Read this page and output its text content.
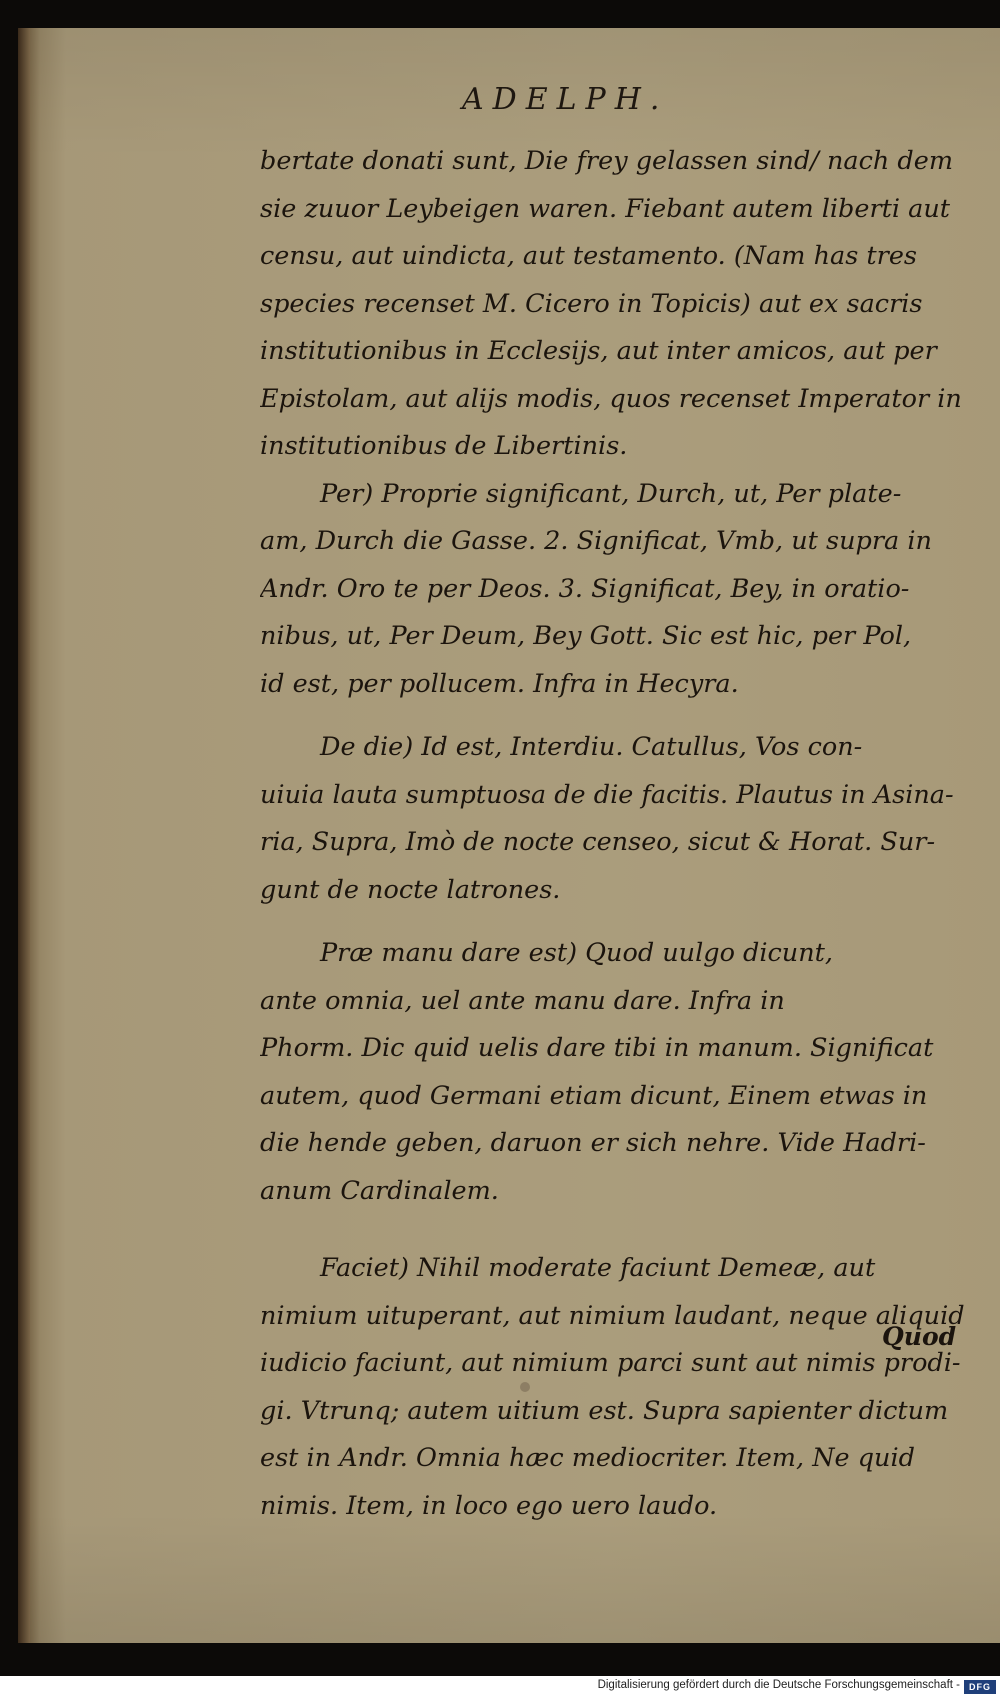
ADELPH.
bertate donati sunt, Die frey gelassen sind/ nach dem
sie zuuor Leybeigen waren. Fiebant autem liberti aut
censu, aut uindicta, aut testamento. (Nam has tres
species recenset M. Cicero in Topicis) aut ex sacris
institutionibus in Ecclesijs, aut inter amicos, aut per
Epistolam, aut alijs modis, quos recenset Imperator in
institutionibus de Libertinis.
Per) Proprie significant, Durch, ut, Per plate-
am, Durch die Gasse. 2. Significat, Vmb, ut supra in
Andr. Oro te per Deos. 3. Significat, Bey, in oratio-
nibus, ut, Per Deum, Bey Gott. Sic est hic, per Pol,
id est, per pollucem. Infra in Hecyra.
De die) Id est, Interdiu. Catullus, Vos con-
uiuia lauta sumptuosa de die facitis. Plautus in Asina-
ria, Supra, Imò de nocte censeo, sicut & Horat. Sur-
gunt de nocte latrones.
Præ manu dare est) Quod uulgo dicunt,
ante omnia, uel ante manu dare. Infra in
Phorm. Dic quid uelis dare tibi in manum. Significat
autem, quod Germani etiam dicunt, Einem etwas in
die hende geben, daruon er sich nehre. Vide Hadri-
anum Cardinalem.
Faciet) Nihil moderate faciunt Demeæ, aut
nimium uituperant, aut nimium laudant, neque aliquid
iudicio faciunt, aut nimium parci sunt aut nimis prodi-
gi. Vtrunq; autem uitium est. Supra sapienter dictum
est in Andr. Omnia hæc mediocriter. Item, Ne quid
nimis. Item, in loco ego uero laudo.
Quod
Digitalisierung gefördert durch die Deutsche Forschungsgemeinschaft -	DFG
